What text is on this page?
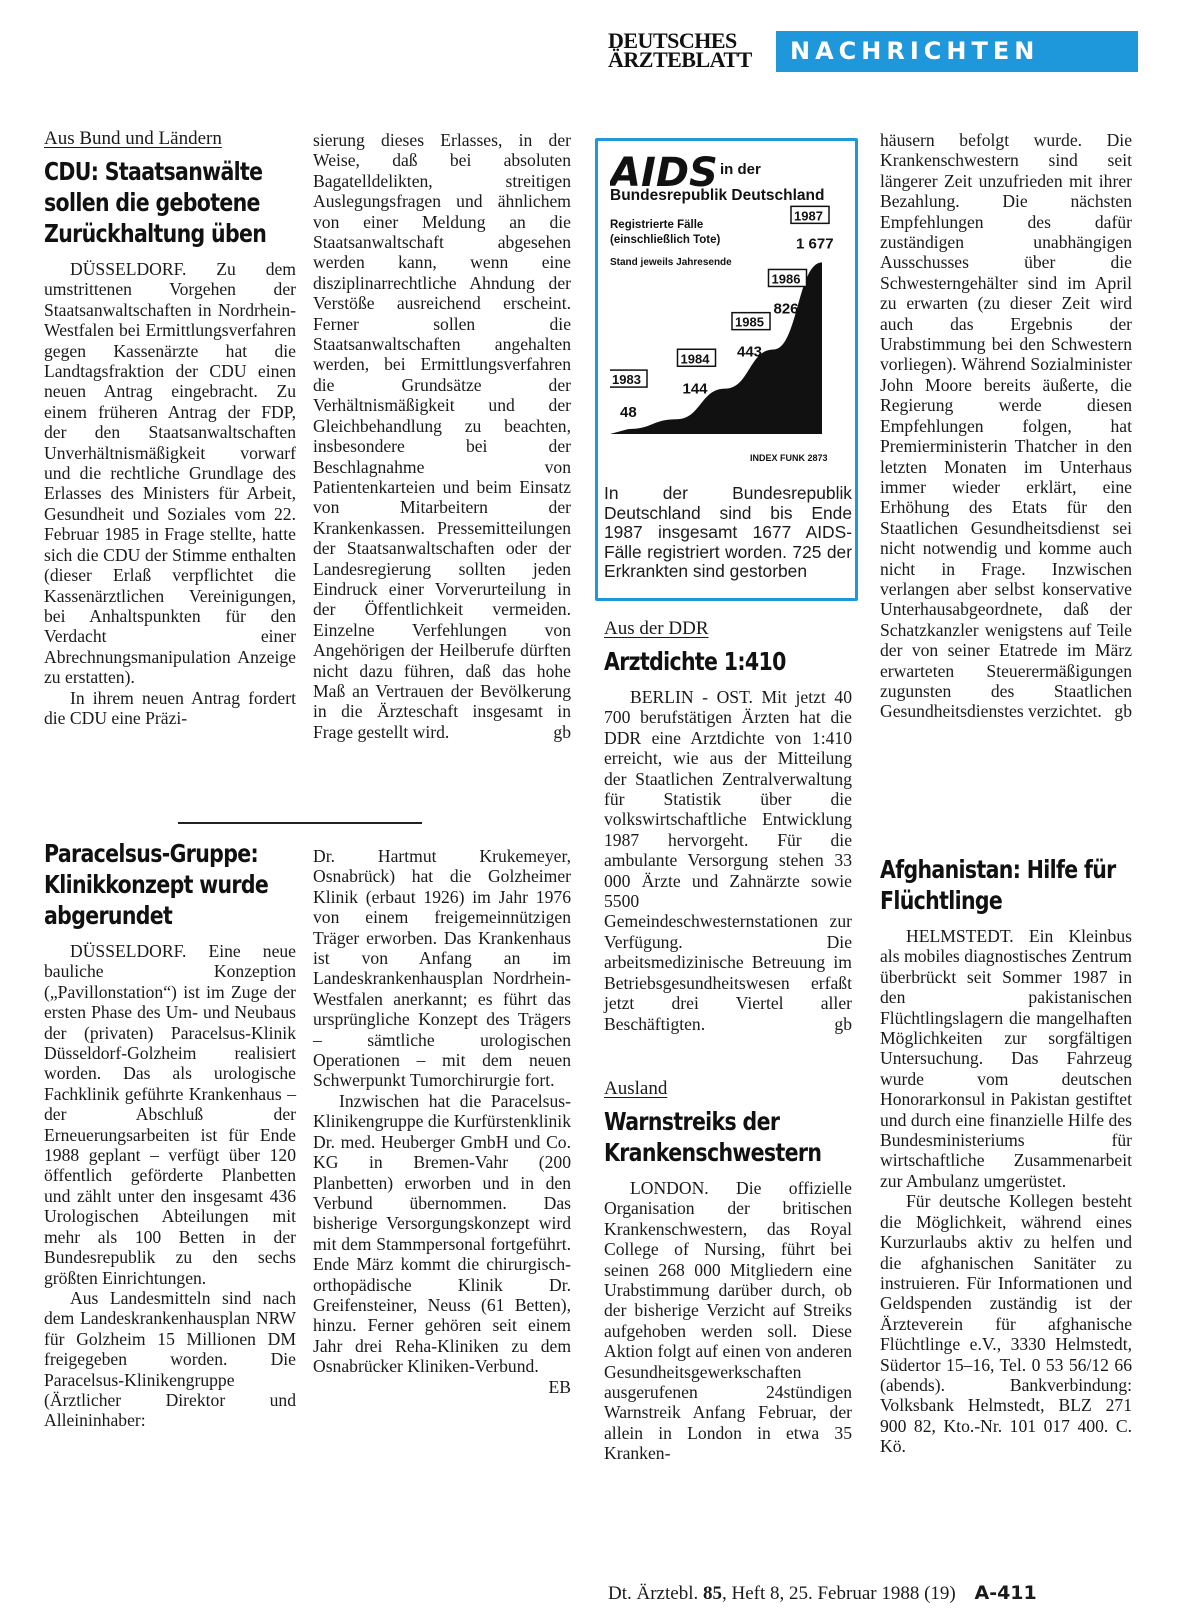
DEUTSCHES
ÄRZTEBLATT NACHRICHTEN
Aus Bund und Ländern
CDU: Staatsanwälte sollen die gebotene Zurückhaltung üben

DÜSSELDORF. Zu dem umstrittenen Vorgehen der Staatsanwaltschaften in Nordrhein-Westfalen bei Ermittlungsverfahren gegen Kassenärzte hat die Landtagsfraktion der CDU einen neuen Antrag eingebracht. Zu einem früheren Antrag der FDP, der den Staatsanwaltschaften Unverhältnismäßigkeit vorwarf und die rechtliche Grundlage des Erlasses des Ministers für Arbeit, Gesundheit und Soziales vom 22. Februar 1985 in Frage stellte, hatte sich die CDU der Stimme enthalten (dieser Erlaß verpflichtet die Kassenärztlichen Vereinigungen, bei Anhaltspunkten für den Verdacht einer Abrechnungsmanipulation Anzeige zu erstatten).

In ihrem neuen Antrag fordert die CDU eine Präzi-

sierung dieses Erlasses, in der Weise, daß bei absoluten Bagatelldelikten, streitigen Auslegungsfragen und ähnlichem von einer Meldung an die Staatsanwaltschaft abgesehen werden kann, wenn eine disziplinarrechtliche Ahndung der Verstöße ausreichend erscheint. Ferner sollen die Staatsanwaltschaften angehalten werden, bei Ermittlungsverfahren die Grundsätze der Verhältnismäßigkeit und der Gleichbehandlung zu beachten, insbesondere bei der Beschlagnahme von Patientenkarteien und beim Einsatz von Mitarbeitern der Krankenkassen. Pressemitteilungen der Staatsanwaltschaften oder der Landesregierung sollten jeden Eindruck einer Vorverurteilung in der Öffentlichkeit vermeiden. Einzelne Verfehlungen von Angehörigen der Heilberufe dürften nicht dazu führen, daß das hohe Maß an Vertrauen der Bevölkerung in die Ärzteschaft insgesamt in Frage gestellt wird.	gb

Paracelsus-Gruppe: Klinikkonzept wurde abgerundet

DÜSSELDORF. Eine neue bauliche Konzeption („Pavillonstation“) ist im Zuge der ersten Phase des Um- und Neubaus der (privaten) Paracelsus-Klinik Düsseldorf-Golzheim realisiert worden. Das als urologische Fachklinik geführte Krankenhaus – der Abschluß der Erneuerungsarbeiten ist für Ende 1988 geplant – verfügt über 120 öffentlich geförderte Planbetten und zählt unter den insgesamt 436 Urologischen Abteilungen mit mehr als 100 Betten in der Bundesrepublik zu den sechs größten Einrichtungen.

Aus Landesmitteln sind nach dem Landeskrankenhausplan NRW für Golzheim 15 Millionen DM freigegeben worden. Die Paracelsus-Klinikengruppe (Ärztlicher Direktor und Alleininhaber:

Dr. Hartmut Krukemeyer, Osnabrück) hat die Golzheimer Klinik (erbaut 1926) im Jahr 1976 von einem freigemeinnützigen Träger erworben. Das Krankenhaus ist von Anfang an im Landeskrankenhausplan Nordrhein-Westfalen anerkannt; es führt das ursprüngliche Konzept des Trägers – sämtliche urologischen Operationen – mit dem neuen Schwerpunkt Tumorchirurgie fort.

Inzwischen hat die Paracelsus-Klinikengruppe die Kurfürstenklinik Dr. med. Heuberger GmbH und Co. KG in Bremen-Vahr (200 Planbetten) erworben und in den Verbund übernommen. Das bisherige Versorgungskonzept wird mit dem Stammpersonal fortgeführt. Ende März kommt die chirurgisch-orthopädische Klinik Dr. Greifensteiner, Neuss (61 Betten), hinzu. Ferner gehören seit einem Jahr drei Reha-Kliniken zu dem Osnabrücker Kliniken-Verbund.
EB

AIDS in der
Bundesrepublik Deutschland
Registrierte Fälle
(einschließlich Tote)
Stand jeweils Jahresende
1983
48
1984
144
1985
443
1986
826
1987
1 677
INDEX FUNK 2873
In der Bundesrepublik Deutschland sind bis Ende 1987 insgesamt 1677 AIDS-Fälle registriert worden. 725 der Erkrankten sind gestorben
Aus der DDR
Arztdichte 1:410

BERLIN - OST. Mit jetzt 40 700 berufstätigen Ärzten hat die DDR eine Arztdichte von 1:410 erreicht, wie aus der Mitteilung der Staatlichen Zentralverwaltung für Statistik über die volkswirtschaftliche Entwicklung 1987 hervorgeht. Für die ambulante Versorgung stehen 33 000 Ärzte und Zahnärzte sowie 5500 Gemeindeschwesternstationen zur Verfügung. Die arbeitsmedizinische Betreuung im Betriebsgesundheitswesen erfaßt jetzt drei Viertel aller Beschäftigten.	gb

Ausland
Warnstreiks der Krankenschwestern

LONDON. Die offizielle Organisation der britischen Krankenschwestern, das Royal College of Nursing, führt bei seinen 268 000 Mitgliedern eine Urabstimmung darüber durch, ob der bisherige Verzicht auf Streiks aufgehoben werden soll. Diese Aktion folgt auf einen von anderen Gesundheitsgewerkschaften ausgerufenen 24stündigen Warnstreik Anfang Februar, der allein in London in etwa 35 Kranken-

häusern befolgt wurde. Die Krankenschwestern sind seit längerer Zeit unzufrieden mit ihrer Bezahlung. Die nächsten Empfehlungen des dafür zuständigen unabhängigen Ausschusses über die Schwesterngehälter sind im April zu erwarten (zu dieser Zeit wird auch das Ergebnis der Urabstimmung bei den Schwestern vorliegen). Während Sozialminister John Moore bereits äußerte, die Regierung werde diesen Empfehlungen folgen, hat Premierministerin Thatcher in den letzten Monaten im Unterhaus immer wieder erklärt, eine Erhöhung des Etats für den Staatlichen Gesundheitsdienst sei nicht notwendig und komme auch nicht in Frage. Inzwischen verlangen aber selbst konservative Unterhausabgeordnete, daß der Schatzkanzler wenigstens auf Teile der von seiner Etatrede im März erwarteten Steuerermäßigungen zugunsten des Staatlichen Gesundheitsdienstes verzichtet. gb

Afghanistan: Hilfe für Flüchtlinge

HELMSTEDT. Ein Kleinbus als mobiles diagnostisches Zentrum überbrückt seit Sommer 1987 in den pakistanischen Flüchtlingslagern die mangelhaften Möglichkeiten zur sorgfältigen Untersuchung. Das Fahrzeug wurde vom deutschen Honorarkonsul in Pakistan gestiftet und durch eine finanzielle Hilfe des Bundesministeriums für wirtschaftliche Zusammenarbeit zur Ambulanz umgerüstet.

Für deutsche Kollegen besteht die Möglichkeit, während eines Kurzurlaubs aktiv zu helfen und die afghanischen Sanitäter zu instruieren. Für Informationen und Geldspenden zuständig ist der Ärzteverein für afghanische Flüchtlinge e.V., 3330 Helmstedt, Südertor 15–16, Tel. 0 53 56/12 66 (abends). Bankverbindung: Volksbank Helmstedt, BLZ 271 900 82, Kto.-Nr. 101 017 400. C. Kö.

Dt. Ärztebl. 85, Heft 8, 25. Februar 1988 (19) A-411
